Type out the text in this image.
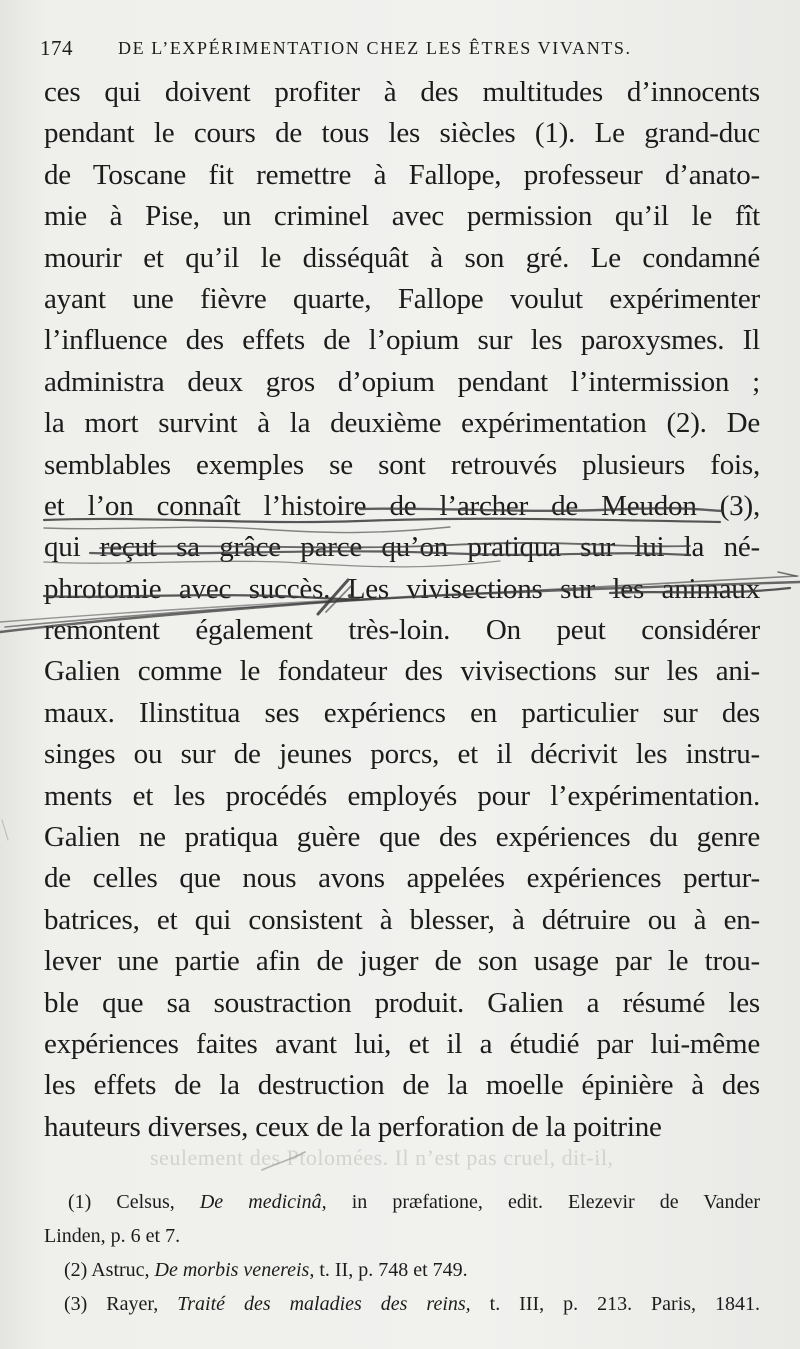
174	DE L’EXPÉRIMENTATION CHEZ LES ÊTRES VIVANTS.
ces qui doivent profiter à des multitudes d’innocents
pendant le cours de tous les siècles (1). Le grand-duc
de Toscane fit remettre à Fallope, professeur d’anato-
mie à Pise, un criminel avec permission qu’il le fît
mourir et qu’il le disséquât à son gré. Le condamné
ayant une fièvre quarte, Fallope voulut expérimenter
l’influence des effets de l’opium sur les paroxysmes. Il
administra deux gros d’opium pendant l’intermission ;
la mort survint à la deuxième expérimentation (2). De
semblables exemples se sont retrouvés plusieurs fois,
et l’on connaît l’histoire de l’archer de Meudon (3),
qui reçut sa grâce parce qu’on pratiqua sur lui la né-
phrotomie avec succès. Les vivisections sur les animaux
remontent également très-loin. On peut considérer
Galien comme le fondateur des vivisections sur les ani-
maux. Ilinstitua ses expériencs en particulier sur des
singes ou sur de jeunes porcs, et il décrivit les instru-
ments et les procédés employés pour l’expérimentation.
Galien ne pratiqua guère que des expériences du genre
de celles que nous avons appelées expériences pertur-
batrices, et qui consistent à blesser, à détruire ou à en-
lever une partie afin de juger de son usage par le trou-
ble que sa soustraction produit. Galien a résumé les
expériences faites avant lui, et il a étudié par lui-même
les effets de la destruction de la moelle épinière à des
hauteurs diverses, ceux de la perforation de la poitrine
seulement des Ptolomées. Il n’est pas cruel, dit-il,
(1) Celsus, De medicinâ, in præfatione, edit. Elezevir de Vander
Linden, p. 6 et 7.
(2) Astruc, De morbis venereis, t. II, p. 748 et 749.
(3) Rayer, Traité des maladies des reins, t. III, p. 213. Paris, 1841.
